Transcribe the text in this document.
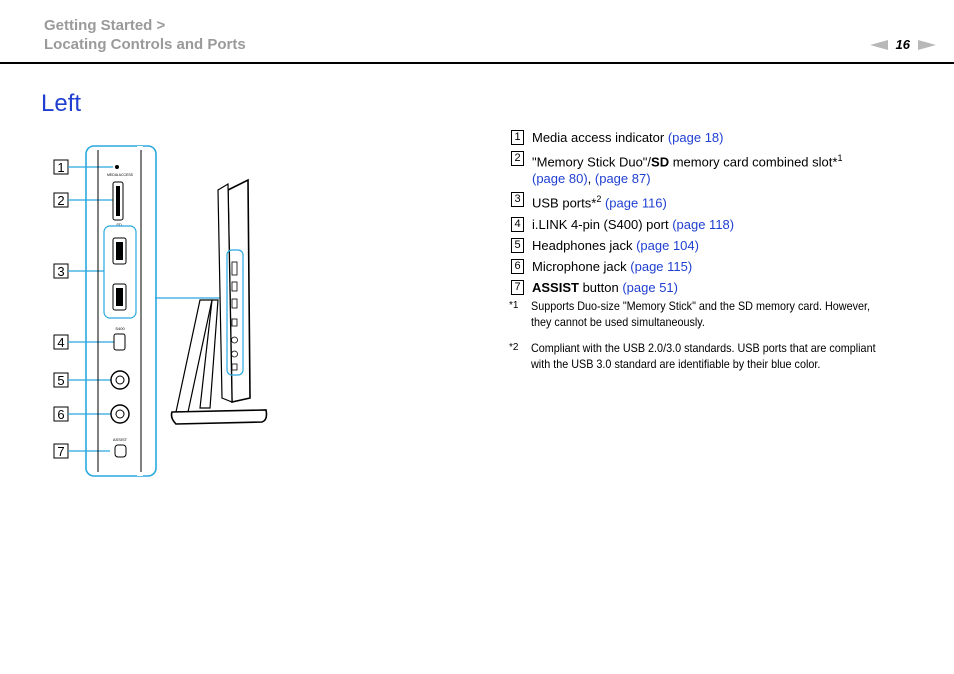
Getting Started >
Locating Controls and Ports	16
Left
1
2
3
4
5
6
7
MEDIA ACCESS
SD
S400
ASSIST
1 Media access indicator (page 18)
2 "Memory Stick Duo"/SD memory card combined slot*$^1$
(page 80), (page 87)
3 USB ports*$^2$ (page 116)
4 i.LINK 4-pin (S400) port (page 118)
5 Headphones jack (page 104)
6 Microphone jack (page 115)
7 ASSIST button (page 51)
*1	Supports Duo-size "Memory Stick" and the SD memory card. However, they cannot be used simultaneously.
*2	Compliant with the USB 2.0/3.0 standards. USB ports that are compliant with the USB 3.0 standard are identifiable by their blue color.
